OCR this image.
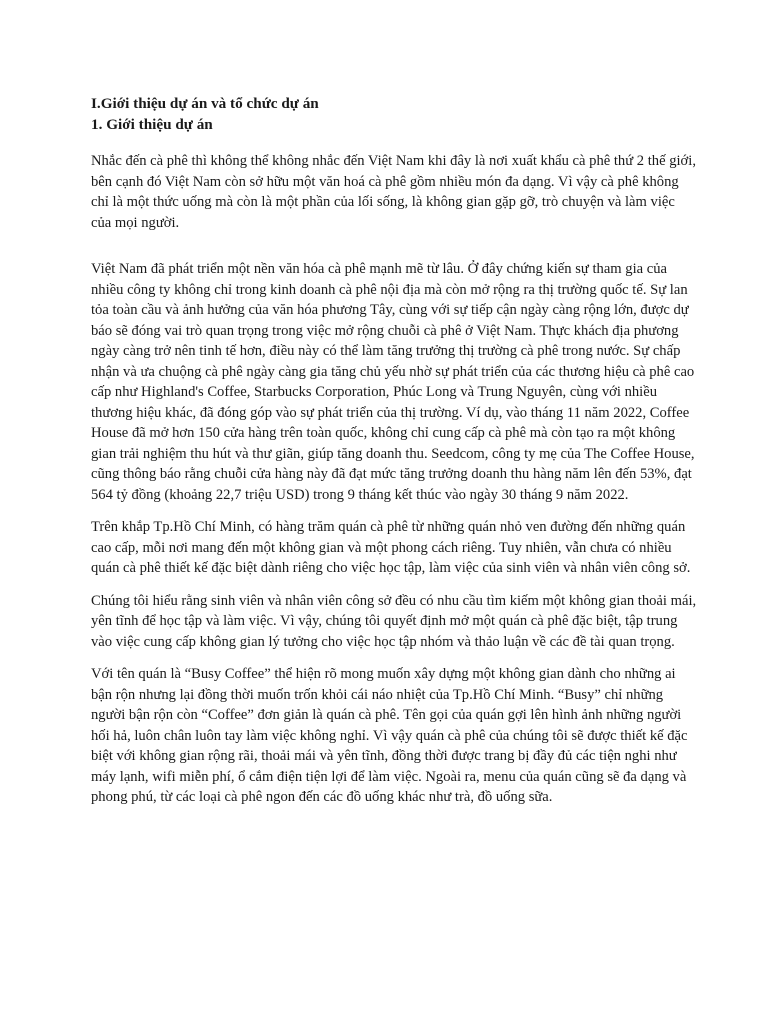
I.Giới thiệu dự án và tổ chức dự án

1. Giới thiệu dự án

Nhắc đến cà phê thì không thể không nhắc đến Việt Nam khi đây là nơi xuất khẩu cà phê thứ 2 thế giới, bên cạnh đó Việt Nam còn sở hữu một văn hoá cà phê gồm nhiều món đa dạng. Vì vậy cà phê không chỉ là một thức uống mà còn là một phần của lối sống, là không gian gặp gỡ, trò chuyện và làm việc của mọi người.

Việt Nam đã phát triển một nền văn hóa cà phê mạnh mẽ từ lâu. Ở đây chứng kiến sự tham gia của nhiều công ty không chỉ trong kinh doanh cà phê nội địa mà còn mở rộng ra thị trường quốc tế. Sự lan tỏa toàn cầu và ảnh hưởng của văn hóa phương Tây, cùng với sự tiếp cận ngày càng rộng lớn, được dự báo sẽ đóng vai trò quan trọng trong việc mở rộng chuỗi cà phê ở Việt Nam. Thực khách địa phương ngày càng trở nên tinh tế hơn, điều này có thể làm tăng trưởng thị trường cà phê trong nước. Sự chấp nhận và ưa chuộng cà phê ngày càng gia tăng chủ yếu nhờ sự phát triển của các thương hiệu cà phê cao cấp như Highland's Coffee, Starbucks Corporation, Phúc Long và Trung Nguyên, cùng với nhiều thương hiệu khác, đã đóng góp vào sự phát triển của thị trường. Ví dụ, vào tháng 11 năm 2022, Coffee House đã mở hơn 150 cửa hàng trên toàn quốc, không chỉ cung cấp cà phê mà còn tạo ra một không gian trải nghiệm thu hút và thư giãn, giúp tăng doanh thu. Seedcom, công ty mẹ của The Coffee House, cũng thông báo rằng chuỗi cửa hàng này đã đạt mức tăng trưởng doanh thu hàng năm lên đến 53%, đạt 564 tỷ đồng (khoảng 22,7 triệu USD) trong 9 tháng kết thúc vào ngày 30 tháng 9 năm 2022.

Trên khắp Tp.Hồ Chí Minh, có hàng trăm quán cà phê từ những quán nhỏ ven đường đến những quán cao cấp, mỗi nơi mang đến một không gian và một phong cách riêng. Tuy nhiên, vẫn chưa có nhiều quán cà phê thiết kế đặc biệt dành riêng cho việc học tập, làm việc của sinh viên và nhân viên công sở.

Chúng tôi hiểu rằng sinh viên và nhân viên công sở đều có nhu cầu tìm kiếm một không gian thoải mái, yên tĩnh để học tập và làm việc. Vì vậy, chúng tôi quyết định mở một quán cà phê đặc biệt, tập trung vào việc cung cấp không gian lý tưởng cho việc học tập nhóm và thảo luận về các đề tài quan trọng.

Với tên quán là “Busy Coffee” thể hiện rõ mong muốn xây dựng một không gian dành cho những ai bận rộn nhưng lại đồng thời muốn trốn khỏi cái náo nhiệt của Tp.Hồ Chí Minh. “Busy” chỉ những người bận rộn còn “Coffee” đơn giản là quán cà phê. Tên gọi của quán gợi lên hình ảnh những người hối hả, luôn chân luôn tay làm việc không nghỉ. Vì vậy quán cà phê của chúng tôi sẽ được thiết kế đặc biệt với không gian rộng rãi, thoải mái và yên tĩnh, đồng thời được trang bị đầy đủ các tiện nghi như máy lạnh, wifi miễn phí, ổ cắm điện tiện lợi để làm việc. Ngoài ra, menu của quán cũng sẽ đa dạng và phong phú, từ các loại cà phê ngon đến các đồ uống khác như trà, đồ uống sữa.
